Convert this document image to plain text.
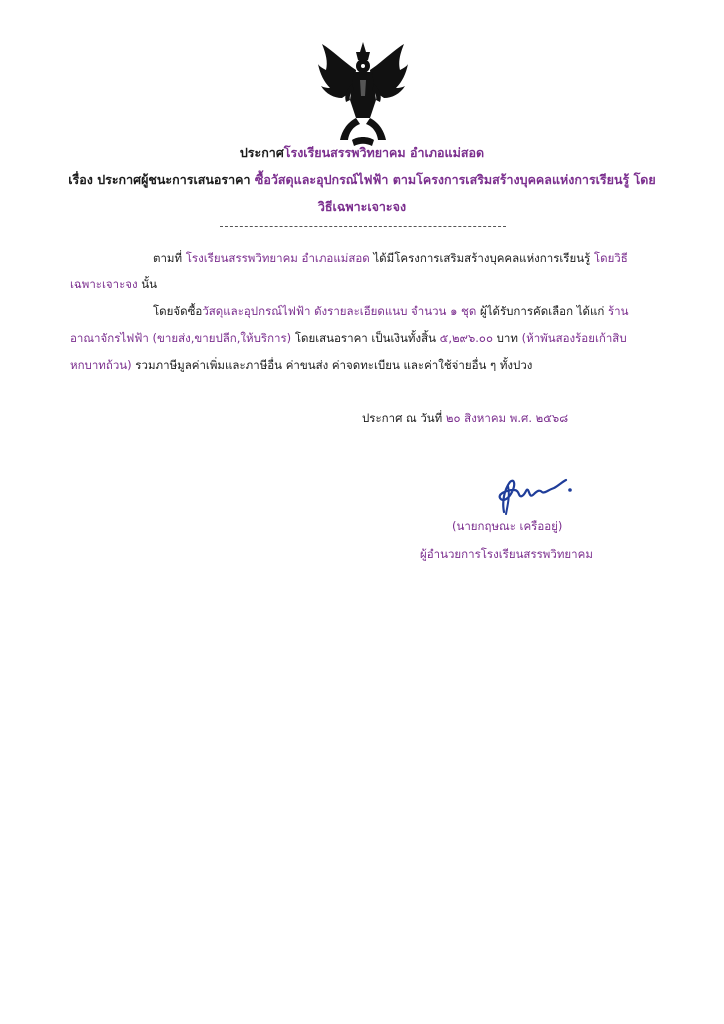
ประกาศโรงเรียนสรรพวิทยาคม อำเภอแม่สอด
เรื่อง ประกาศผู้ชนะการเสนอราคา ซื้อวัสดุและอุปกรณ์ไฟฟ้า ตามโครงการเสริมสร้างบุคคลแห่งการเรียนรู้ โดย
วิธีเฉพาะเจาะจง
ตามที่ โรงเรียนสรรพวิทยาคม อำเภอแม่สอด ได้มีโครงการเสริมสร้างบุคคลแห่งการเรียนรู้ โดยวิธี
เฉพาะเจาะจง นั้น
โดยจัดซื้อวัสดุและอุปกรณ์ไฟฟ้า ดังรายละเอียดแนบ จำนวน ๑ ชุด ผู้ได้รับการคัดเลือก ได้แก่ ร้าน
อาณาจักรไฟฟ้า (ขายส่ง,ขายปลีก,ให้บริการ) โดยเสนอราคา เป็นเงินทั้งสิ้น ๕,๒๙๖.๐๐ บาท (ห้าพันสองร้อยเก้าสิบ
หกบาทถ้วน) รวมภาษีมูลค่าเพิ่มและภาษีอื่น ค่าขนส่ง ค่าจดทะเบียน และค่าใช้จ่ายอื่น ๆ ทั้งปวง
ประกาศ ณ วันที่ ๒๐ สิงหาคม พ.ศ. ๒๕๖๘
(นายกฤษณะ เครืออยู่)
ผู้อำนวยการโรงเรียนสรรพวิทยาคม
